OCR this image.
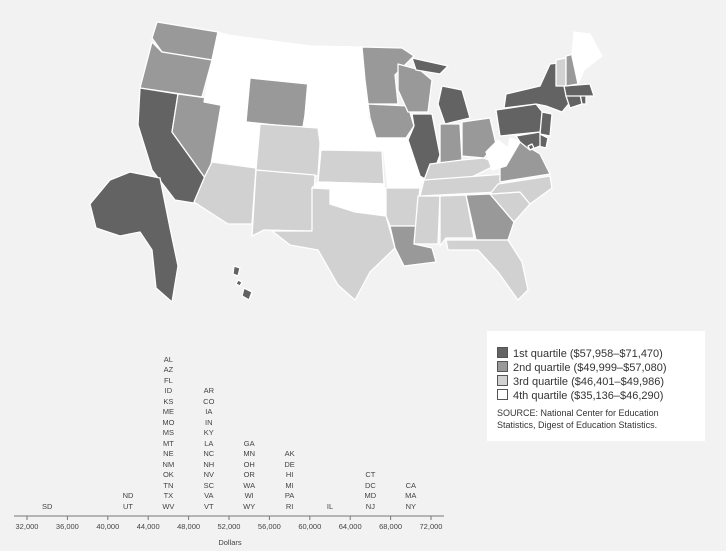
1st quartile ($57,958–$71,470)
2nd quartile ($49,999–$57,080)
3rd quartile ($46,401–$49,986)
4th quartile ($35,136–$46,290)
SOURCE: National Center for Education Statistics, Digest of Education Statistics.
SD
ND
UT
AL
AZ
FL
ID
KS
ME
MO
MS
MT
NE
NM
OK
TN
TX
WV
AR
CO
IA
IN
KY
LA
NC
NH
NV
SC
VA
VT
GA
MN
OH
OR
WA
WI
WY
AK
DE
HI
MI
PA
RI	IL
CT
DC
MD
NJ
CA
MA
NY
32,000	36,000	40,000	44,000	48,000	52,000	56,000	60,000	64,000	68,000	72,000
Dollars
